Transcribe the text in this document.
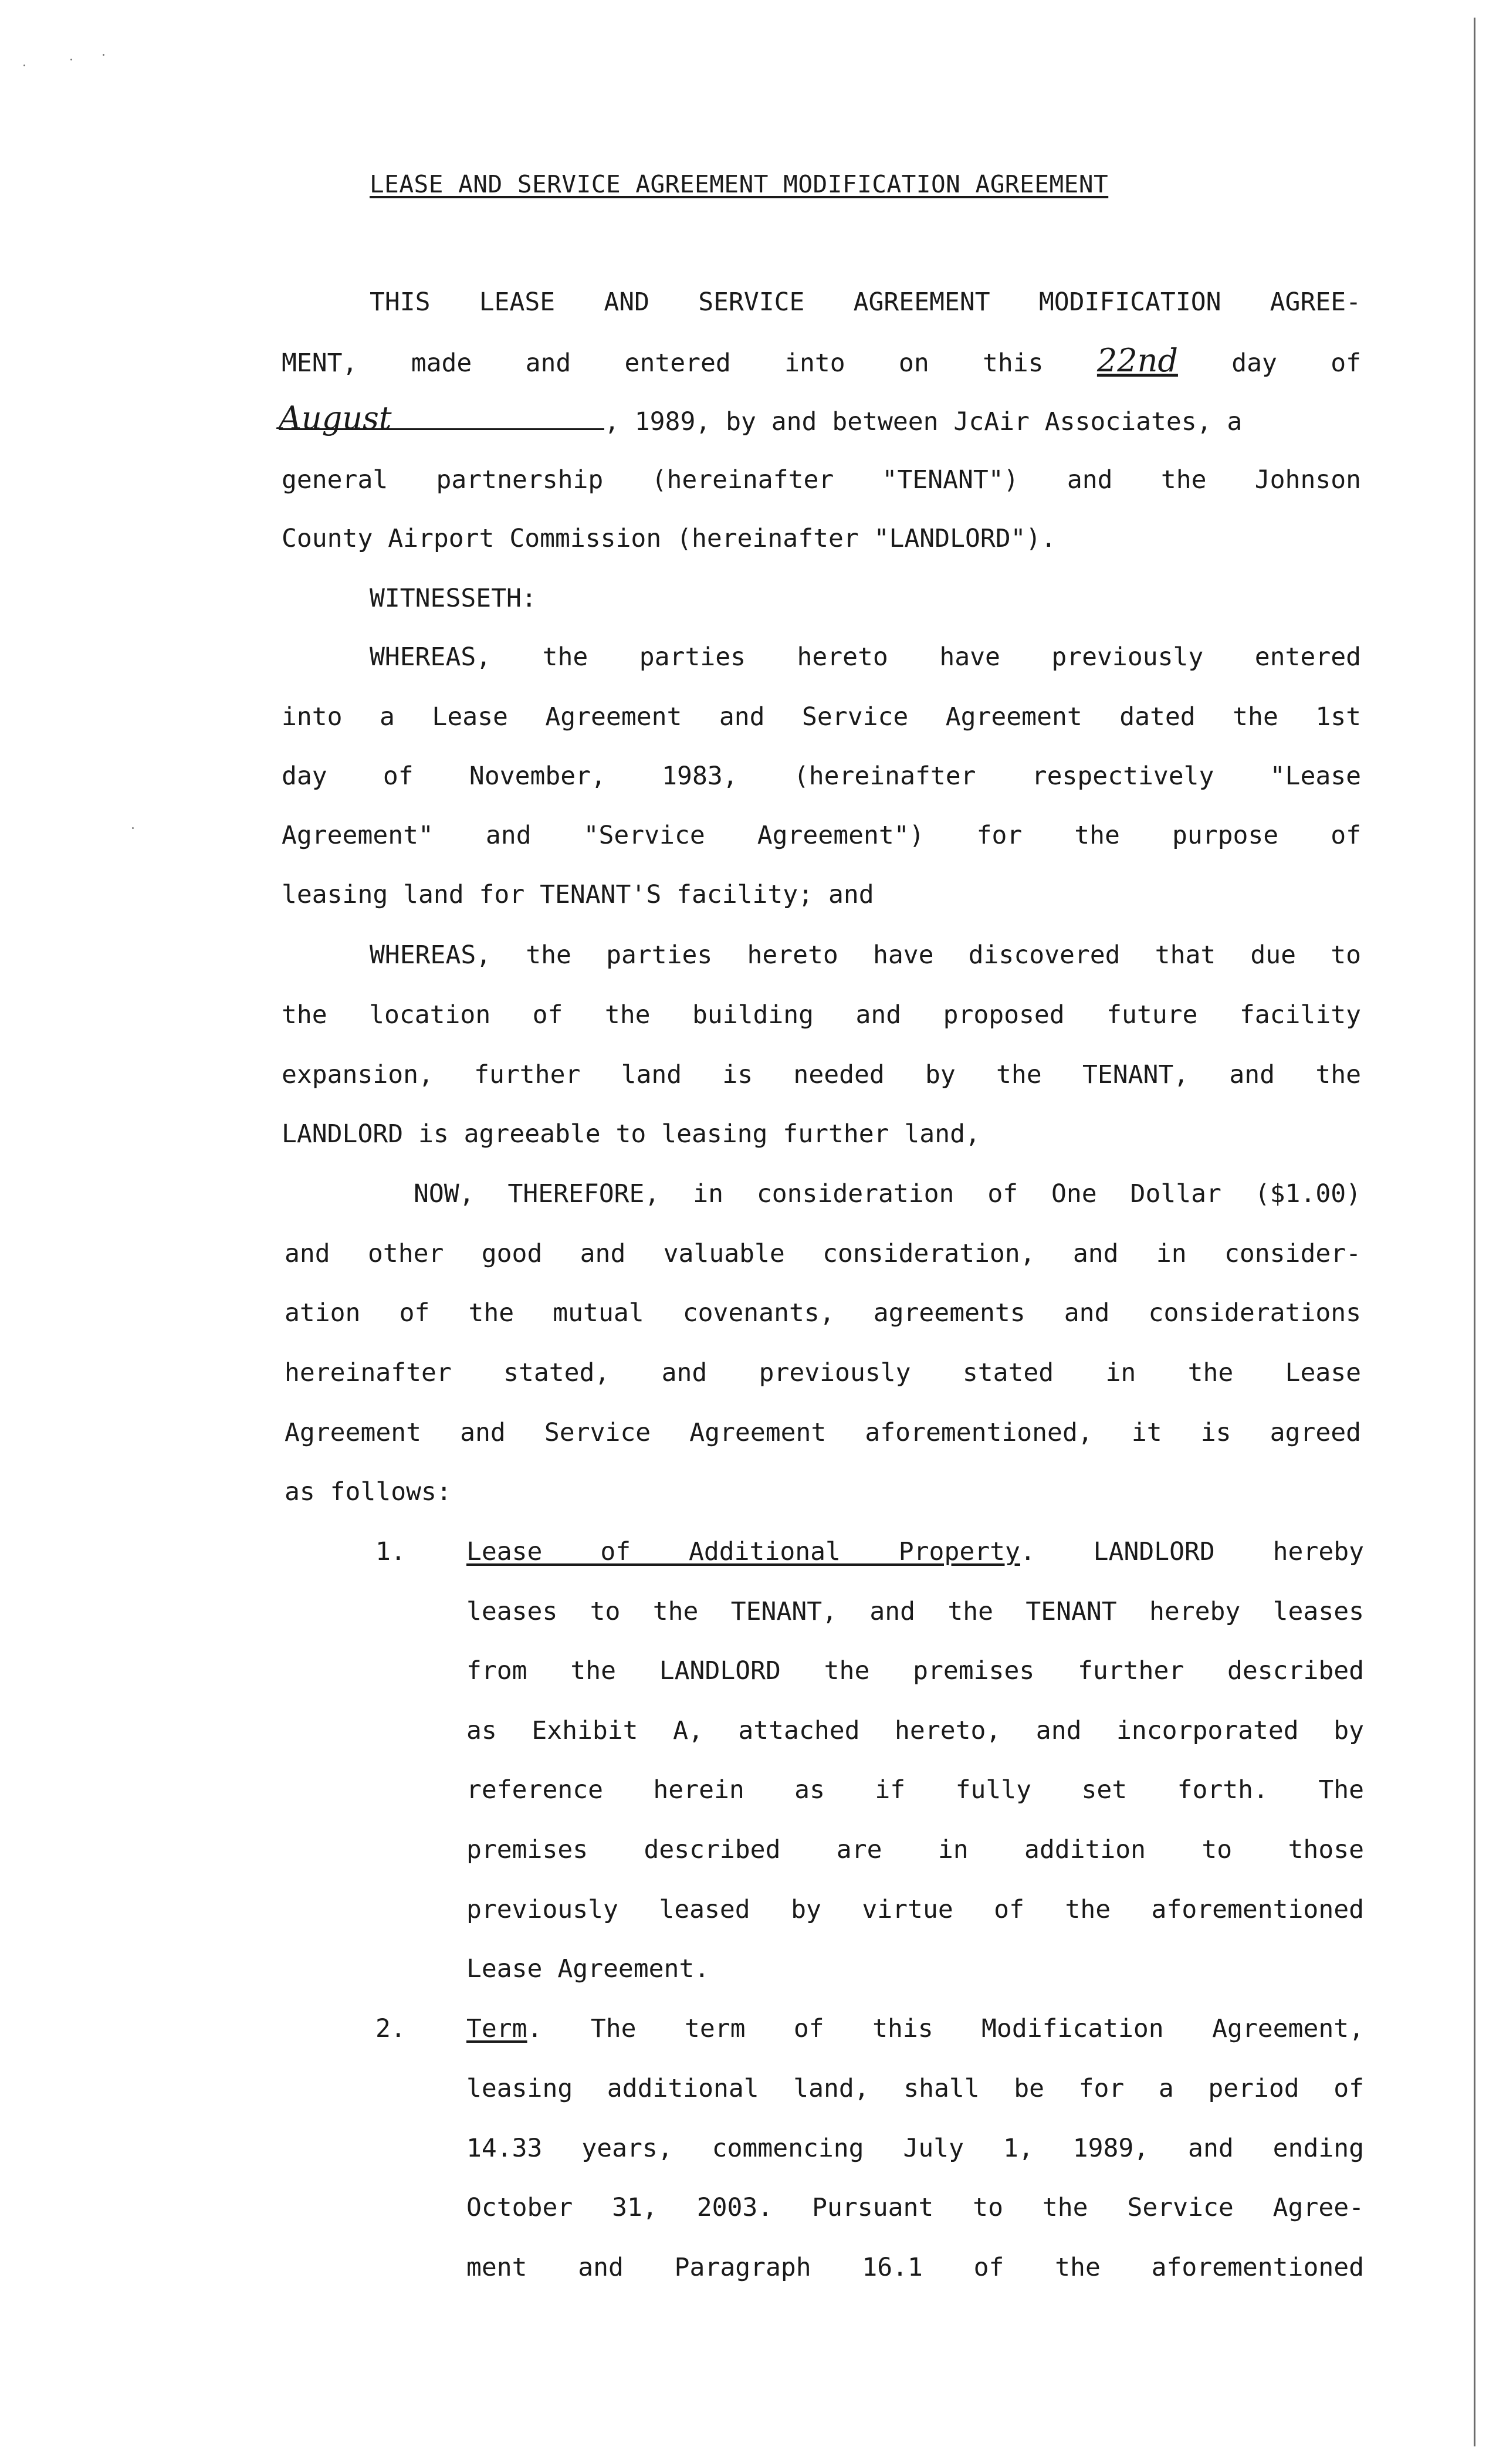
LEASE AND SERVICE AGREEMENT MODIFICATION AGREEMENT
THIS LEASE AND SERVICE AGREEMENT MODIFICATION AGREE-
MENT, made and entered into on this 22nd day of
August	, 1989, by and between JcAir Associates, a
general partnership (hereinafter "TENANT") and the Johnson
County Airport Commission (hereinafter "LANDLORD").
WITNESSETH:
WHEREAS, the parties hereto have previously entered
into a Lease Agreement and Service Agreement dated the 1st
day of November, 1983, (hereinafter respectively "Lease
Agreement" and "Service Agreement") for the purpose of
leasing land for TENANT'S facility; and
WHEREAS, the parties hereto have discovered that due to
the location of the building and proposed future facility
expansion, further land is needed by the TENANT, and the
LANDLORD is agreeable to leasing further land,
NOW, THEREFORE, in consideration of One Dollar ($1.00)
and other good and valuable consideration, and in consider-
ation of the mutual covenants, agreements and considerations
hereinafter stated, and previously stated in the Lease
Agreement and Service Agreement aforementioned, it is agreed
as follows:
1. Lease of Additional Property. LANDLORD hereby
leases to the TENANT, and the TENANT hereby leases
from the LANDLORD the premises further described
as Exhibit A, attached hereto, and incorporated by
reference herein as if fully set forth. The
premises described are in addition to those
previously leased by virtue of the aforementioned
Lease Agreement.
2. Term. The term of this Modification Agreement,
leasing additional land, shall be for a period of
14.33 years, commencing July 1, 1989, and ending
October 31, 2003. Pursuant to the Service Agree-
ment and Paragraph 16.1 of the aforementioned
